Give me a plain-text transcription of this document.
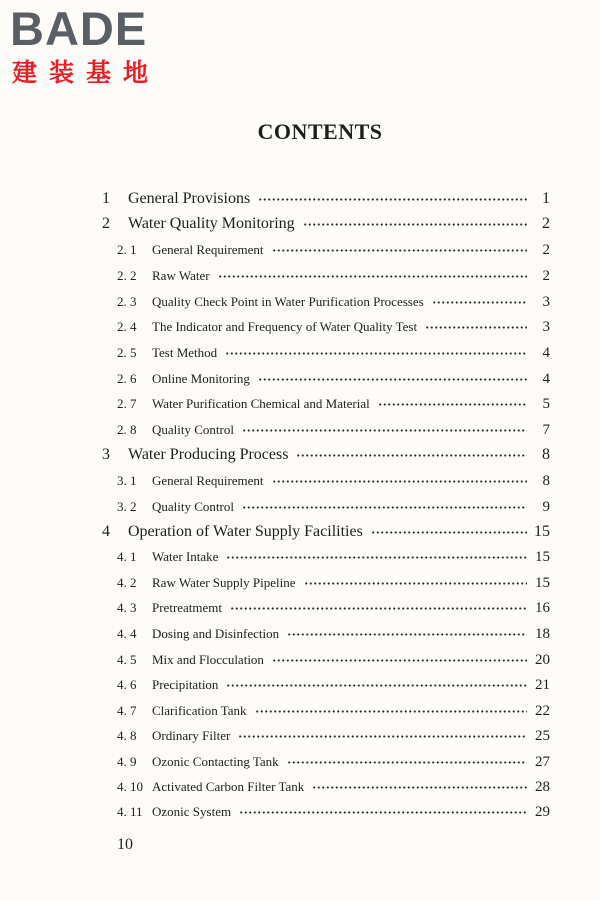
BADE
建装基地
CONTENTS
1	General Provisions	1
2	Water Quality Monitoring	2
2. 1	General Requirement	2
2. 2	Raw Water	2
2. 3	Quality Check Point in Water Purification Processes	3
2. 4	The Indicator and Frequency of Water Quality Test	3
2. 5	Test Method	4
2. 6	Online Monitoring	4
2. 7	Water Purification Chemical and Material	5
2. 8	Quality Control	7
3	Water Producing Process	8
3. 1	General Requirement	8
3. 2	Quality Control	9
4	Operation of Water Supply Facilities	15
4. 1	Water Intake	15
4. 2	Raw Water Supply Pipeline	15
4. 3	Pretreatmemt	16
4. 4	Dosing and Disinfection	18
4. 5	Mix and Flocculation	20
4. 6	Precipitation	21
4. 7	Clarification Tank	22
4. 8	Ordinary Filter	25
4. 9	Ozonic Contacting Tank	27
4. 10 Activated Carbon Filter Tank	28
4. 11 Ozonic System	29
10
